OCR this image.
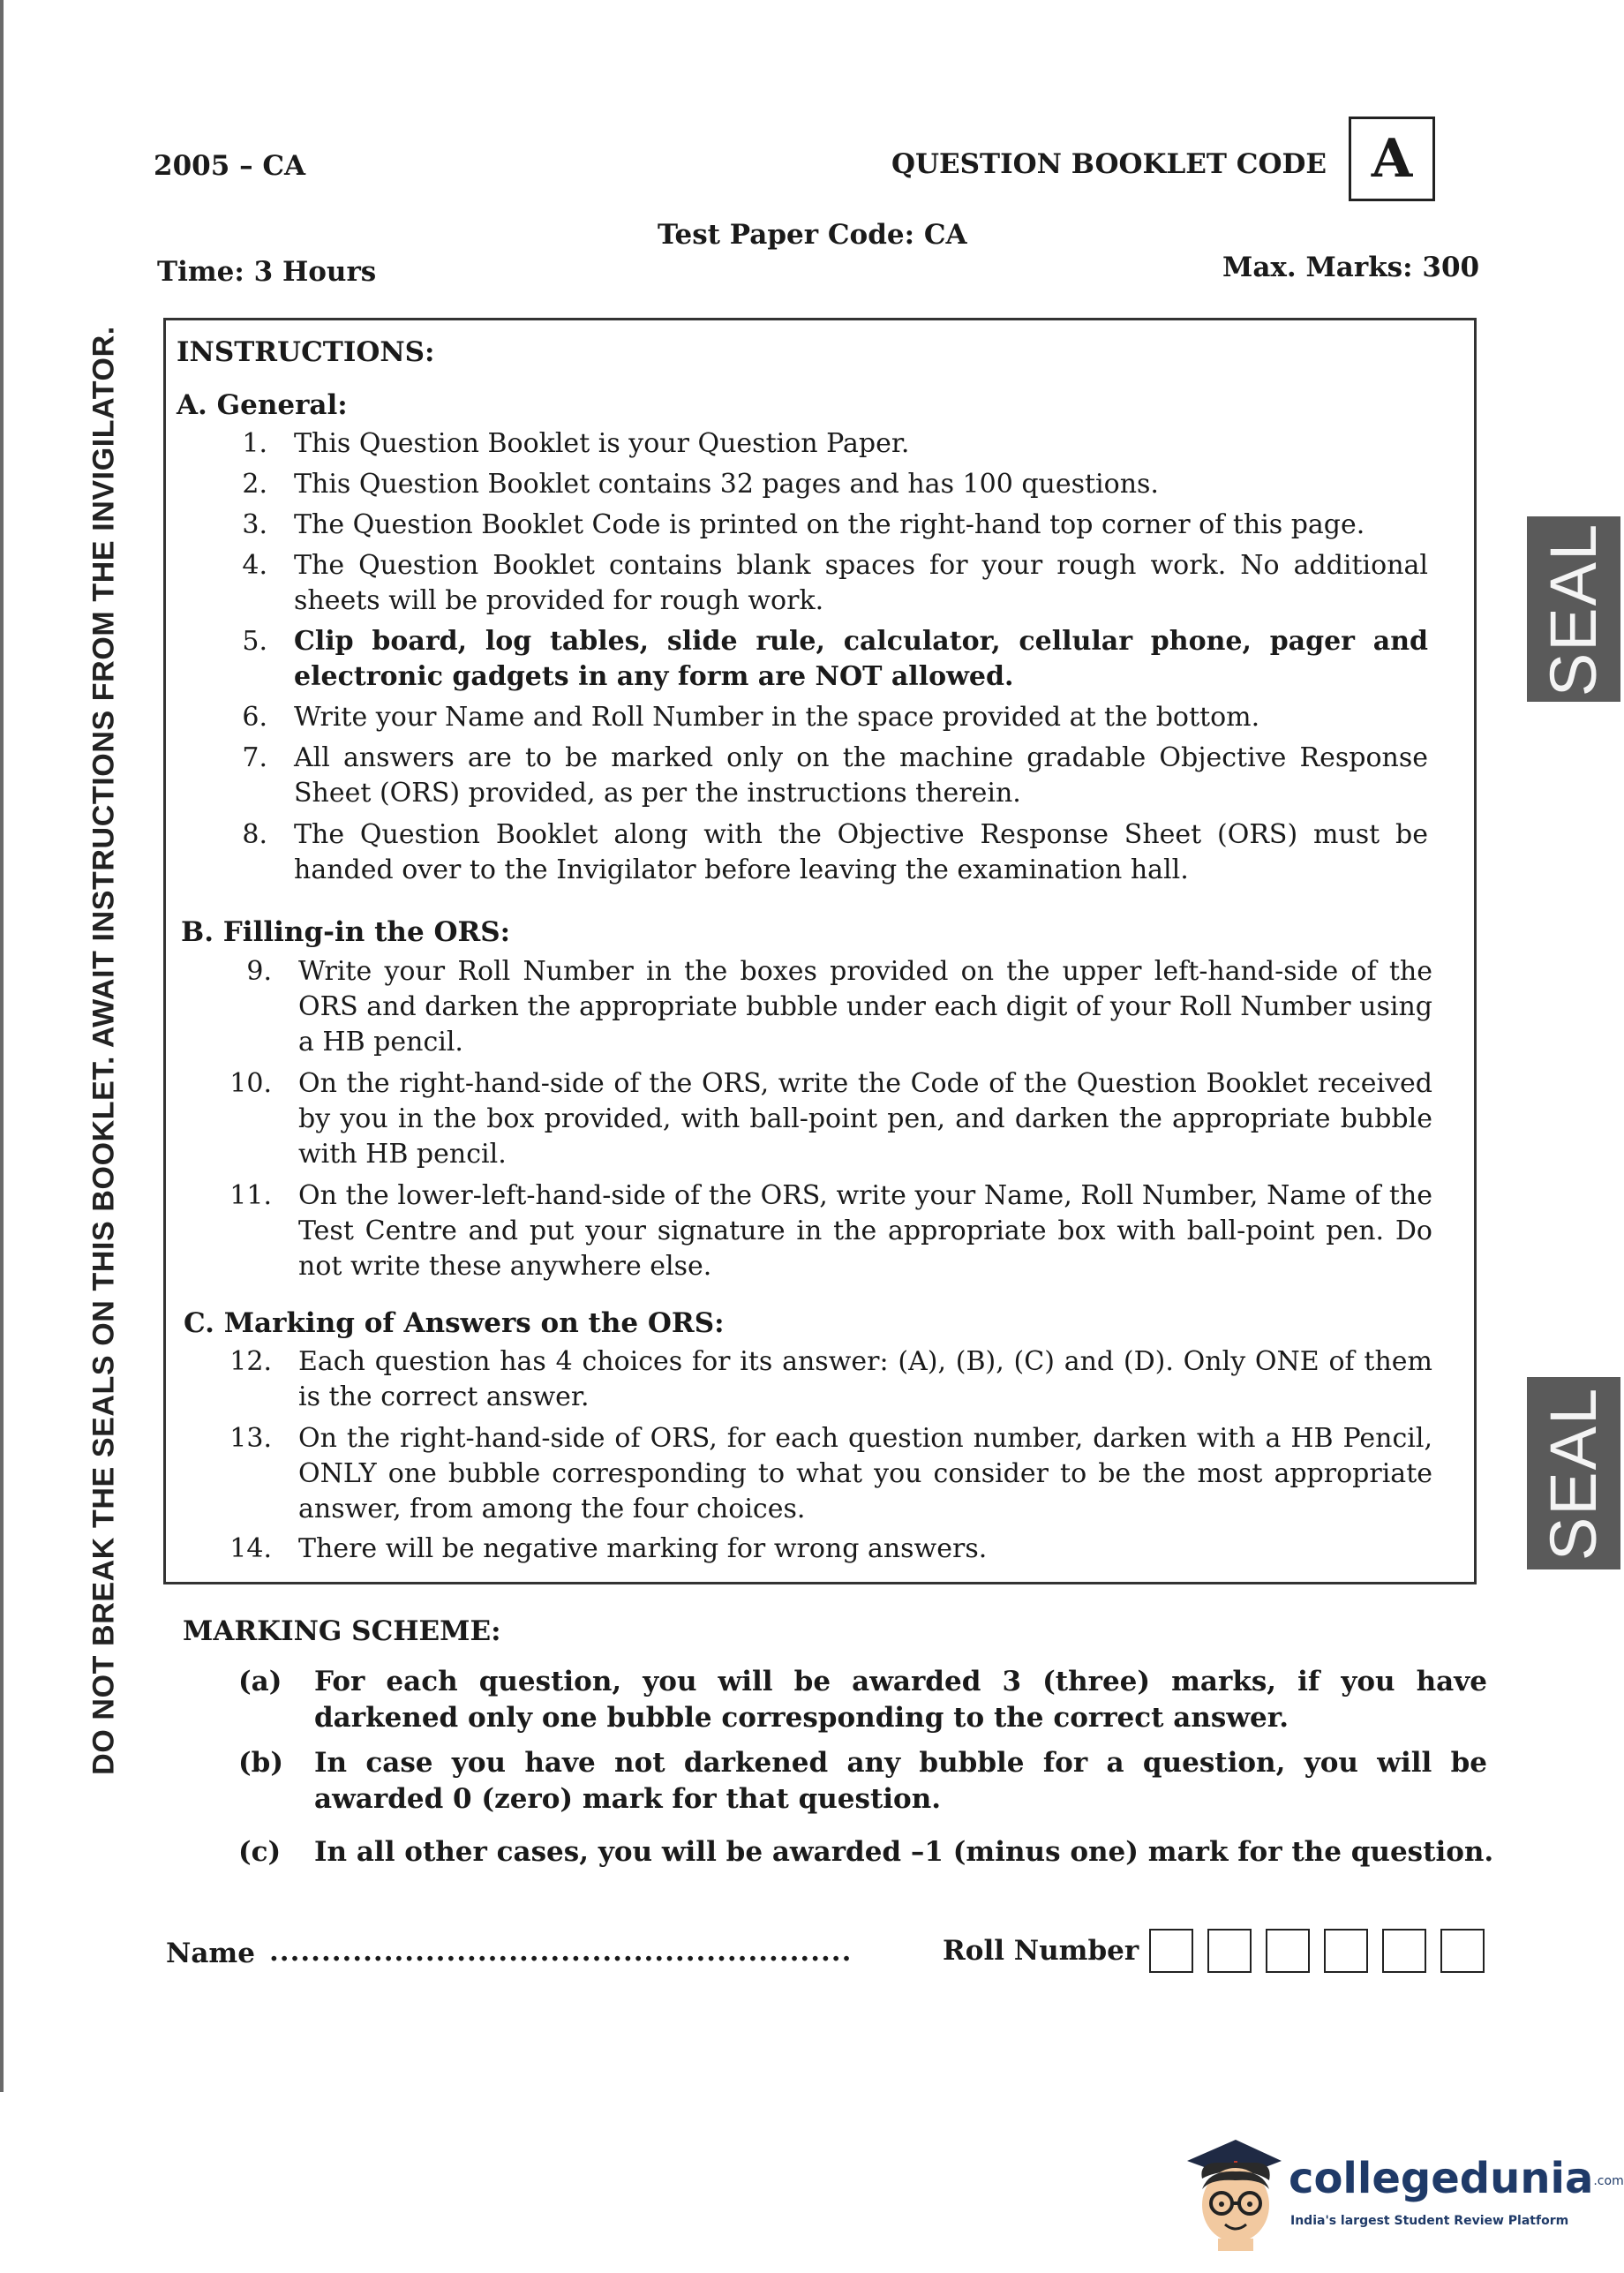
DO NOT BREAK THE SEALS ON THIS BOOKLET. AWAIT INSTRUCTIONS FROM THE INVIGILATOR.
2005 – CA	QUESTION BOOKLET CODE A
Test Paper Code: CA
Time: 3 Hours	Max. Marks: 300
INSTRUCTIONS:
A. General:
1. This Question Booklet is your Question Paper.
2. This Question Booklet contains 32 pages and has 100 questions.
3. The Question Booklet Code is printed on the right-hand top corner of this page.
4. The Question Booklet contains blank spaces for your rough work. No additional sheets will be provided for rough work.
5. Clip board, log tables, slide rule, calculator, cellular phone, pager and electronic gadgets in any form are NOT allowed.
6. Write your Name and Roll Number in the space provided at the bottom.
7. All answers are to be marked only on the machine gradable Objective Response Sheet (ORS) provided, as per the instructions therein.
8. The Question Booklet along with the Objective Response Sheet (ORS) must be handed over to the Invigilator before leaving the examination hall.
B. Filling-in the ORS:
9. Write your Roll Number in the boxes provided on the upper left-hand-side of the ORS and darken the appropriate bubble under each digit of your Roll Number using a HB pencil.
10. On the right-hand-side of the ORS, write the Code of the Question Booklet received by you in the box provided, with ball-point pen, and darken the appropriate bubble with HB pencil.
11. On the lower-left-hand-side of the ORS, write your Name, Roll Number, Name of the Test Centre and put your signature in the appropriate box with ball-point pen. Do not write these anywhere else.
C. Marking of Answers on the ORS:
12. Each question has 4 choices for its answer: (A), (B), (C) and (D). Only ONE of them is the correct answer.
13. On the right-hand-side of ORS, for each question number, darken with a HB Pencil, ONLY one bubble corresponding to what you consider to be the most appropriate answer, from among the four choices.
14. There will be negative marking for wrong answers.
SEAL
SEAL
MARKING SCHEME:
(a) For each question, you will be awarded 3 (three) marks, if you have darkened only one bubble corresponding to the correct answer.
(b) In case you have not darkened any bubble for a question, you will be awarded 0 (zero) mark for that question.
(c) In all other cases, you will be awarded –1 (minus one) mark for the question.
Name ........................................................	Roll Number
collegedunia.com
India's largest Student Review Platform
